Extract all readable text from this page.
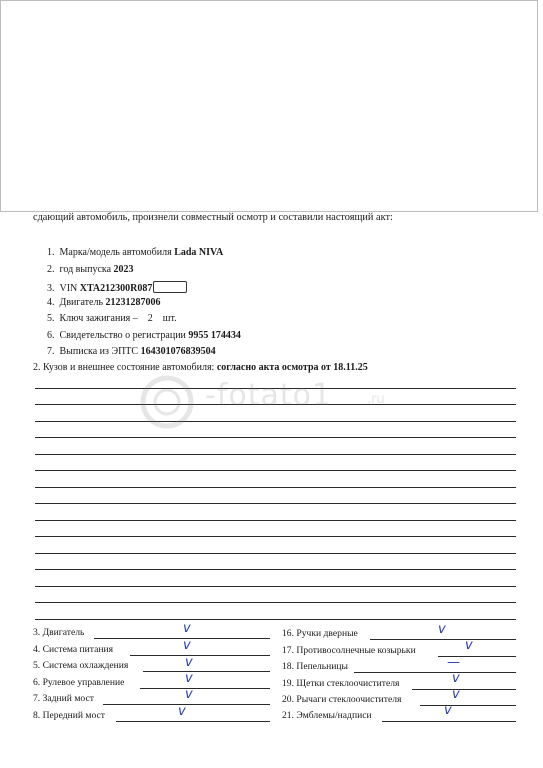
сдающий автомобиль, произнели совместный осмотр и составили настоящий акт:
1. Марка/модель автомобиля Lada NIVA
2. год выпуска 2023
3. VIN XTA212300R087
4. Двигатель 21231287006
5. Ключ зажигания –    2    шт.
6. Свидетельство о регистрации 9955 174434
7. Выписка из ЭПТС 164301076839504
2. Кузов и внешнее состояние автомобиля: согласно акта осмотра от 18.11.25
-fotato1	.ru
3. Двигатель	v
4. Система питания	v
5. Система охлаждения	v
6. Рулевое управление	v
7. Задний мост	v
8. Передний мост	v
16. Ручки дверные	v
17. Противосолнечные козырьки	v
18. Пепельницы	—
19. Щетки стеклоочистителя	v
20. Рычаги стеклоочистителя	v
21. Эмблемы/надписи	v
